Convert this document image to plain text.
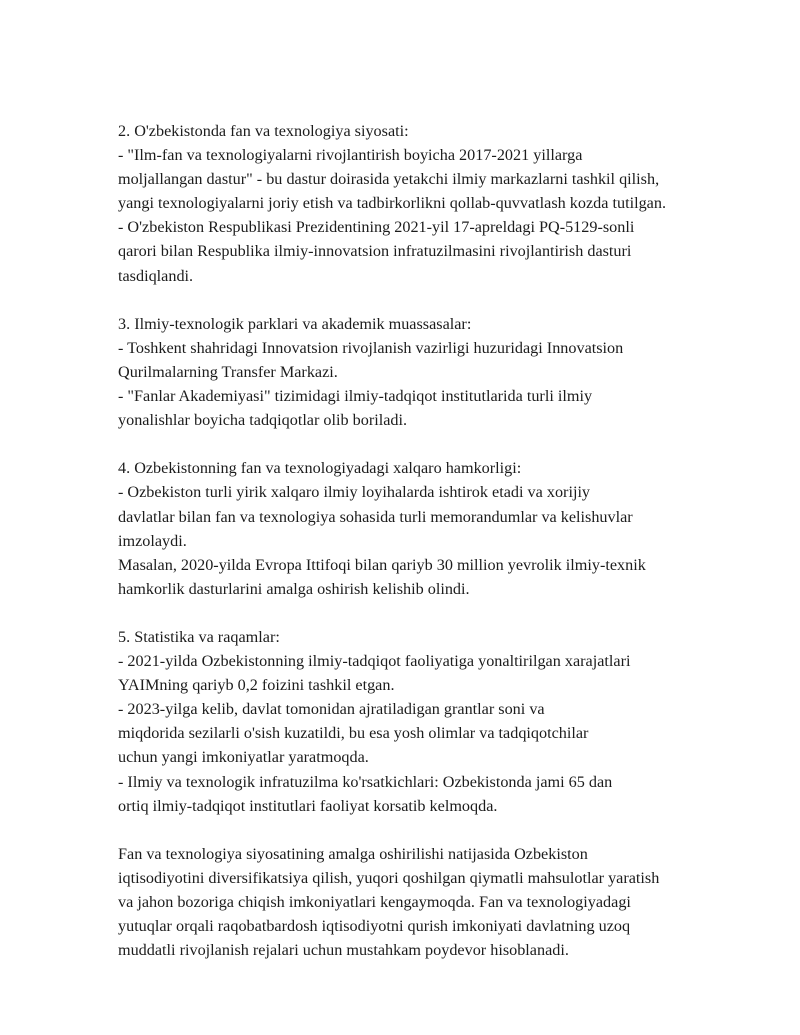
2. O'zbekistonda fan va texnologiya siyosati:
- "Ilm-fan va texnologiyalarni rivojlantirish boyicha 2017-2021 yillarga
moljallangan dastur" - bu dastur doirasida yetakchi ilmiy markazlarni tashkil qilish,
yangi texnologiyalarni joriy etish va tadbirkorlikni qollab-quvvatlash kozda tutilgan.
- O'zbekiston Respublikasi Prezidentining 2021-yil 17-apreldagi PQ-5129-sonli
qarori bilan Respublika ilmiy-innovatsion infratuzilmasini rivojlantirish dasturi
tasdiqlandi.
3. Ilmiy-texnologik parklari va akademik muassasalar:
- Toshkent shahridagi Innovatsion rivojlanish vazirligi huzuridagi Innovatsion
Qurilmalarning Transfer Markazi.
- "Fanlar Akademiyasi" tizimidagi ilmiy-tadqiqot institutlarida turli ilmiy
yonalishlar boyicha tadqiqotlar olib boriladi.
4. Ozbekistonning fan va texnologiyadagi xalqaro hamkorligi:
- Ozbekiston turli yirik xalqaro ilmiy loyihalarda ishtirok etadi va xorijiy
davlatlar bilan fan va texnologiya sohasida turli memorandumlar va kelishuvlar
imzolaydi.
Masalan, 2020-yilda Evropa Ittifoqi bilan qariyb 30 million yevrolik ilmiy-texnik
hamkorlik dasturlarini amalga oshirish kelishib olindi.
5. Statistika va raqamlar:
- 2021-yilda Ozbekistonning ilmiy-tadqiqot faoliyatiga yonaltirilgan xarajatlari
YAIMning qariyb 0,2 foizini tashkil etgan.
- 2023-yilga kelib, davlat tomonidan ajratiladigan grantlar soni va
miqdorida sezilarli o'sish kuzatildi, bu esa yosh olimlar va tadqiqotchilar
uchun yangi imkoniyatlar yaratmoqda.
- Ilmiy va texnologik infratuzilma ko'rsatkichlari: Ozbekistonda jami 65 dan
ortiq ilmiy-tadqiqot institutlari faoliyat korsatib kelmoqda.
Fan va texnologiya siyosatining amalga oshirilishi natijasida Ozbekiston
iqtisodiyotini diversifikatsiya qilish, yuqori qoshilgan qiymatli mahsulotlar yaratish
va jahon bozoriga chiqish imkoniyatlari kengaymoqda. Fan va texnologiyadagi
yutuqlar orqali raqobatbardosh iqtisodiyotni qurish imkoniyati davlatning uzoq
muddatli rivojlanish rejalari uchun mustahkam poydevor hisoblanadi.
